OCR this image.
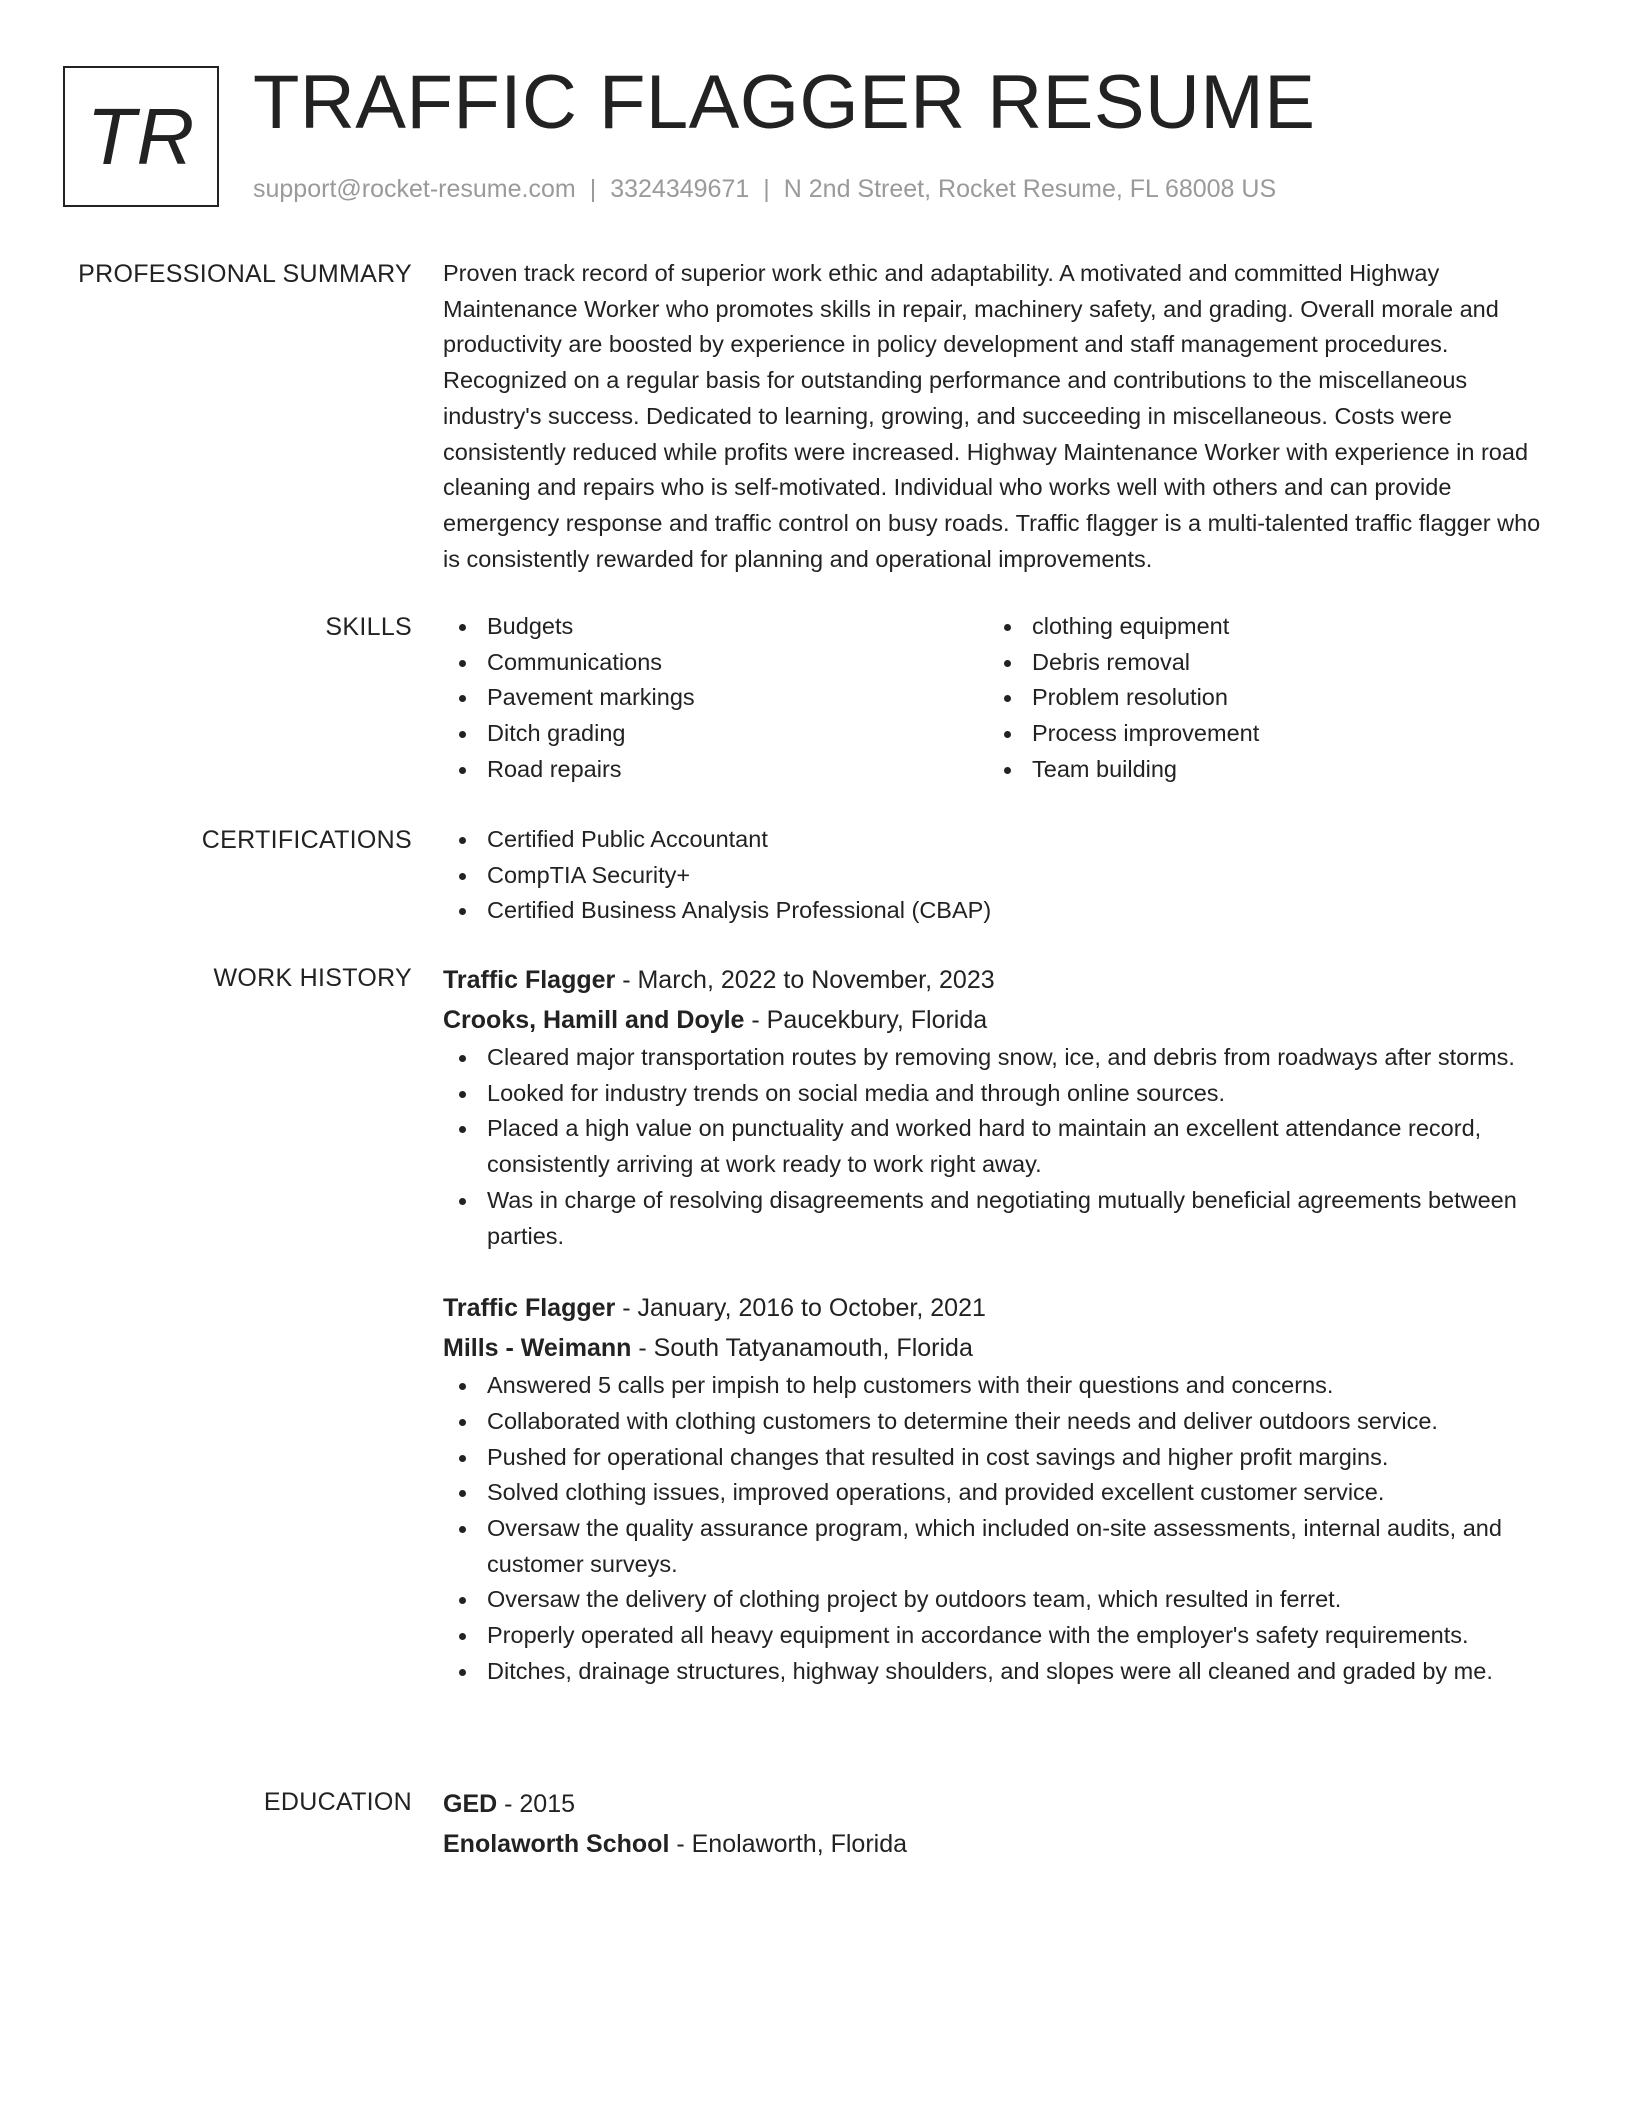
TR TRAFFIC FLAGGER RESUME
support@rocket-resume.com | 3324349671 | N 2nd Street, Rocket Resume, FL 68008 US
PROFESSIONAL SUMMARY Proven track record of superior work ethic and adaptability. A motivated and committed Highway Maintenance Worker who promotes skills in repair, machinery safety, and grading. Overall morale and productivity are boosted by experience in policy development and staff management procedures. Recognized on a regular basis for outstanding performance and contributions to the miscellaneous industry's success. Dedicated to learning, growing, and succeeding in miscellaneous. Costs were consistently reduced while profits were increased. Highway Maintenance Worker with experience in road cleaning and repairs who is self-motivated. Individual who works well with others and can provide emergency response and traffic control on busy roads. Traffic flagger is a multi-talented traffic flagger who is consistently rewarded for planning and operational improvements.

SKILLS	Budgets
Communications
Pavement markings
Ditch grading
Road repairs
clothing equipment
Debris removal
Problem resolution
Process improvement
Team building
CERTIFICATIONS	Certified Public Accountant
CompTIA Security+
Certified Business Analysis Professional (CBAP)
WORK HISTORY Traffic Flagger - March, 2022 to November, 2023
Crooks, Hamill and Doyle - Paucekbury, Florida
Cleared major transportation routes by removing snow, ice, and debris from roadways after storms.
Looked for industry trends on social media and through online sources.
Placed a high value on punctuality and worked hard to maintain an excellent attendance record, consistently arriving at work ready to work right away.
Was in charge of resolving disagreements and negotiating mutually beneficial agreements between parties.
Traffic Flagger - January, 2016 to October, 2021
Mills - Weimann - South Tatyanamouth, Florida
Answered 5 calls per impish to help customers with their questions and concerns.
Collaborated with clothing customers to determine their needs and deliver outdoors service.
Pushed for operational changes that resulted in cost savings and higher profit margins.
Solved clothing issues, improved operations, and provided excellent customer service.
Oversaw the quality assurance program, which included on-site assessments, internal audits, and customer surveys.
Oversaw the delivery of clothing project by outdoors team, which resulted in ferret.
Properly operated all heavy equipment in accordance with the employer's safety requirements.
Ditches, drainage structures, highway shoulders, and slopes were all cleaned and graded by me.
EDUCATION GED - 2015
Enolaworth School - Enolaworth, Florida
